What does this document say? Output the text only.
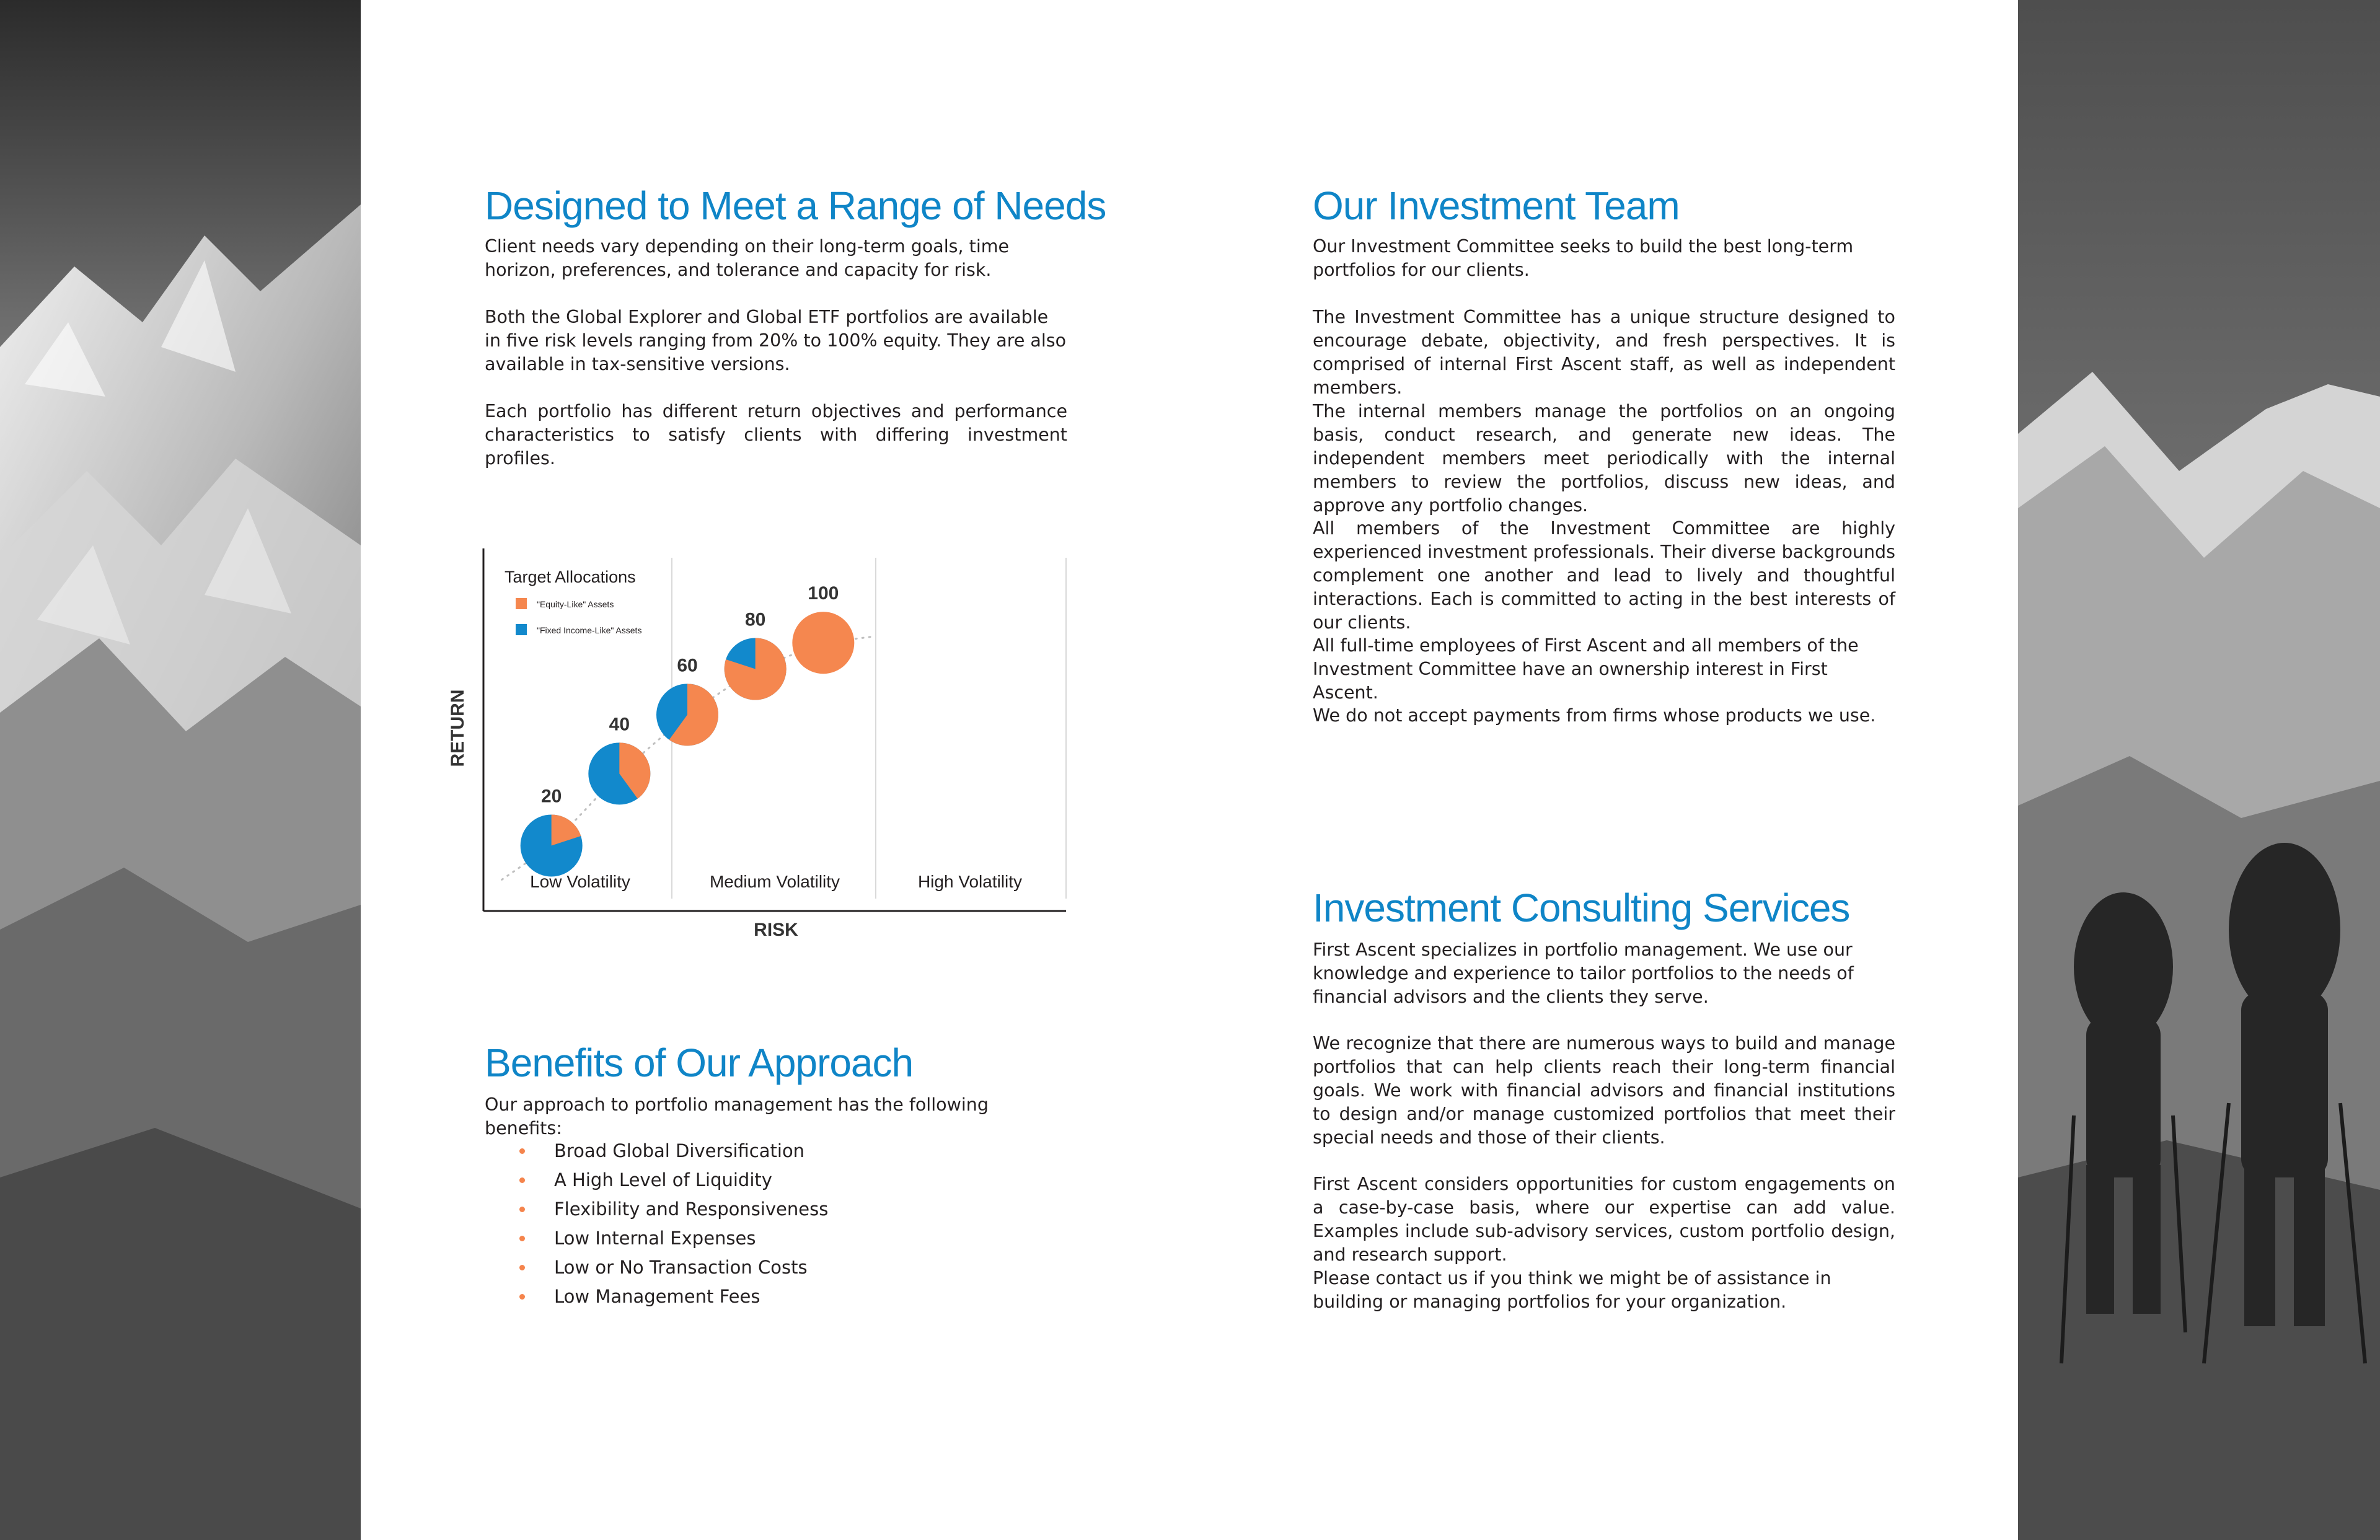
Designed to Meet a Range of Needs

Client needs vary depending on their long-term goals, time horizon, preferences, and tolerance and capacity for risk.

Both the Global Explorer and Global ETF portfolios are available in five risk levels ranging from 20% to 100% equity. They are also available in tax-sensitive versions.

Each portfolio has different return objectives and performance characteristics to satisfy clients with differing investment profiles.

20
40
60
80
100
Target Allocations
"Equity-Like" Assets
"Fixed Income-Like" Assets
Low Volatility	Medium Volatility	High Volatility
RISK
RETURN
Benefits of Our Approach

Our approach to portfolio management has the following benefits:

Broad Global Diversification
A High Level of Liquidity
Flexibility and Responsiveness
Low Internal Expenses
Low or No Transaction Costs
Low Management Fees
Our Investment Team

Our Investment Committee seeks to build the best long-term portfolios for our clients.

The Investment Committee has a unique structure designed to encourage debate, objectivity, and fresh perspectives. It is comprised of internal First Ascent staff, as well as independent members.

The internal members manage the portfolios on an ongoing basis, conduct research, and generate new ideas. The independent members meet periodically with the internal members to review the portfolios, discuss new ideas, and approve any portfolio changes.

All members of the Investment Committee are highly experienced investment professionals. Their diverse backgrounds complement one another and lead to lively and thoughtful interactions. Each is committed to acting in the best interests of our clients.

All full-time employees of First Ascent and all members of the Investment Committee have an ownership interest in First Ascent.

We do not accept payments from firms whose products we use.

Investment Consulting Services

First Ascent specializes in portfolio management. We use our knowledge and experience to tailor portfolios to the needs of financial advisors and the clients they serve.

We recognize that there are numerous ways to build and manage portfolios that can help clients reach their long-term financial goals. We work with financial advisors and financial institutions to design and/or manage customized portfolios that meet their special needs and those of their clients.

First Ascent considers opportunities for custom engagements on a case-by-case basis, where our expertise can add value. Examples include sub-advisory services, custom portfolio design, and research support.

Please contact us if you think we might be of assistance in building or managing portfolios for your organization.
